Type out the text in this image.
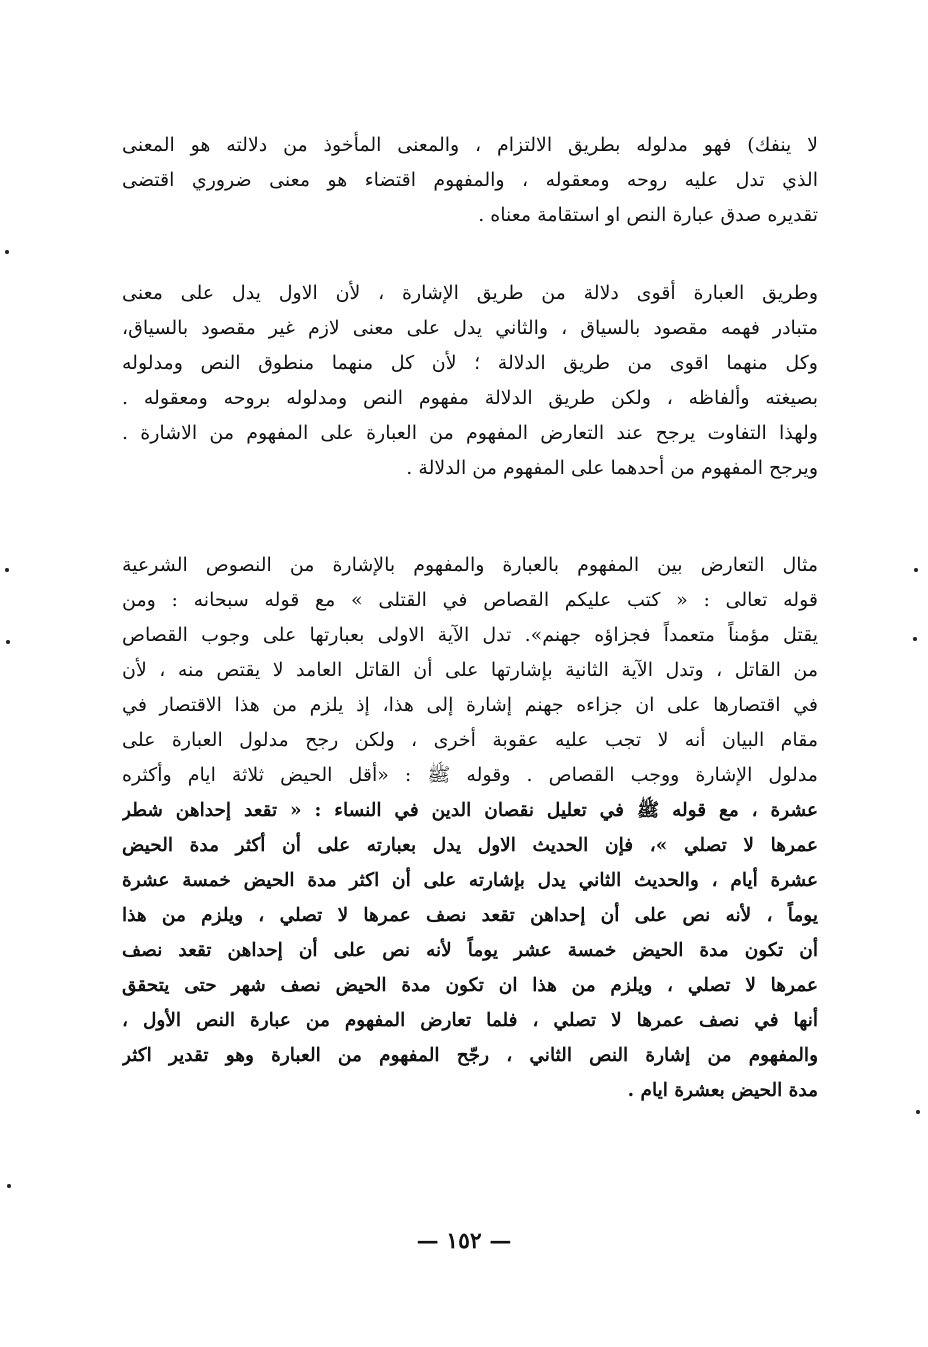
لا ينفك) فهو مدلوله بطريق الالتزام ، والمعنى المأخوذ من دلالته هو المعنى
الذي تدل عليه روحه ومعقوله ، والمفهوم اقتضاء هو معنى ضروري اقتضى
تقديره صدق عبارة النص او استقامة معناه .
وطريق العبارة أقوى دلالة من طريق الإشارة ، لأن الاول يدل على معنى
متبادر فهمه مقصود بالسياق ، والثاني يدل على معنى لازم غير مقصود بالسياق،
وكل منهما اقوى من طريق الدلالة ؛ لأن كل منهما منطوق النص ومدلوله
بصيغته وألفاظه ، ولكن طريق الدلالة مفهوم النص ومدلوله بروحه ومعقوله .
ولهذا التفاوت يرجح عند التعارض المفهوم من العبارة على المفهوم من الاشارة .
ويرجح المفهوم من أحدهما على المفهوم من الدلالة .
مثال التعارض بين المفهوم بالعبارة والمفهوم بالإشارة من النصوص الشرعية
قوله تعالى : « كتب عليكم القصاص في القتلى » مع قوله سبحانه : ومن
يقتل مؤمناً متعمداً فجزاؤه جهنم». تدل الآية الاولى بعبارتها على وجوب القصاص
من القاتل ، وتدل الآية الثانية بإشارتها على أن القاتل العامد لا يقتص منه ، لأن
في اقتصارها على ان جزاءه جهنم إشارة إلى هذا، إذ يلزم من هذا الاقتصار في
مقام البيان أنه لا تجب عليه عقوبة أخرى ، ولكن رجح مدلول العبارة على
مدلول الإشارة ووجب القصاص . وقوله ﷺ : «أقل الحيض ثلاثة ايام وأكثره
عشرة ، مع قوله ﷺ في تعليل نقصان الدين في النساء : « تقعد إحداهن شطر
عمرها لا تصلي »، فإن الحديث الاول يدل بعبارته على أن أكثر مدة الحيض
عشرة أيام ، والحديث الثاني يدل بإشارته على أن اكثر مدة الحيض خمسة عشرة
يوماً ، لأنه نص على أن إحداهن تقعد نصف عمرها لا تصلي ، ويلزم من هذا
أن تكون مدة الحيض خمسة عشر يوماً لأنه نص على أن إحداهن تقعد نصف
عمرها لا تصلي ، ويلزم من هذا ان تكون مدة الحيض نصف شهر حتى يتحقق
أنها في نصف عمرها لا تصلي ، فلما تعارض المفهوم من عبارة النص الأول ،
والمفهوم من إشارة النص الثاني ، رجّح المفهوم من العبارة وهو تقدير اكثر
مدة الحيض بعشرة ايام .
— ١٥٢ —
